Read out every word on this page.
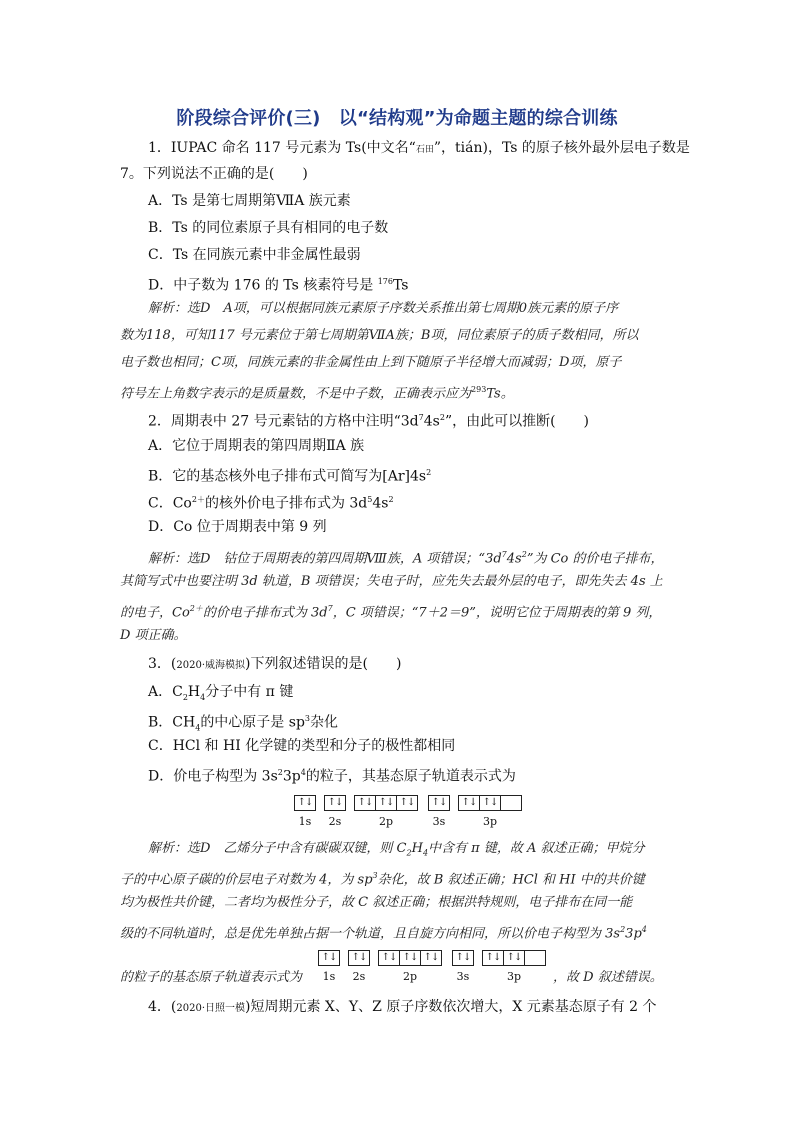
阶段综合评价(三)　以“结构观”为命题主题的综合训练
1．IUPAC 命名 117 号元素为 Ts(中文名“石田”，tián)，Ts 的原子核外最外层电子数是
7。下列说法不正确的是(　　)
A．Ts 是第七周期第ⅦA 族元素
B．Ts 的同位素原子具有相同的电子数
C．Ts 在同族元素中非金属性最弱
D．中子数为 176 的 Ts 核素符号是 $^{176}$Ts
解析：选D　A项，可以根据同族元素原子序数关系推出第七周期0族元素的原子序
数为118，可知117 号元素位于第七周期第ⅦA族；B项，同位素原子的质子数相同，所以
电子数也相同；C项，同族元素的非金属性由上到下随原子半径增大而减弱；D项，原子
符号左上角数字表示的是质量数，不是中子数，正确表示应为$^{293}$Ts。
2．周期表中 27 号元素钴的方格中注明“$3d^74s^2$”，由此可以推断(　　)
A．它位于周期表的第四周期ⅡA 族
B．它的基态核外电子排布式可简写为$[Ar]4s^2$
C．$Co^{2+}$的核外价电子排布式为 $3d^54s^2$
D．Co 位于周期表中第 9 列
解析：选D　钴位于周期表的第四周期Ⅷ族，A 项错误；“$3d^74s^2$”为 Co 的价电子排布，
其简写式中也要注明 3d 轨道，B 项错误；失电子时，应先失去最外层的电子，即先失去 4s 上
的电子，$Co^{2+}$的价电子排布式为 $3d^7$，C 项错误；“7＋2＝9”，说明它位于周期表的第 9 列，
D 项正确。
3．(2020·威海模拟)下列叙述错误的是(　　)
A．$C_2H_4$分子中有 π 键
B．$CH_4$的中心原子是 $sp^3$杂化
C．HCl 和 HI 化学键的类型和分子的极性都相同
D．价电子构型为 $3s^23p^4$的粒子，其基态原子轨道表示式为
↑↓	↑↓	↑↓ ↑↓ ↑↓	↑↓	↑↓ ↑↓
1s	2s	2p	3s	3p
解析：选D　乙烯分子中含有碳碳双键，则 $C_2H_4$中含有 π 键，故 A 叙述正确；甲烷分
子的中心原子碳的价层电子对数为 4，为 $sp^3$杂化，故 B 叙述正确；HCl 和 HI 中的共价键
均为极性共价键，二者均为极性分子，故 C 叙述正确；根据洪特规则，电子排布在同一能
级的不同轨道时，总是优先单独占据一个轨道，且自旋方向相同，所以价电子构型为 $3s^23p^4$
↑↓	↑↓	↑↓ ↑↓ ↑↓	↑↓	↑↓ ↑↓
1s	2s	2p	3s	3p
的粒子的基态原子轨道表示式为	，故 D 叙述错误。
4．(2020·日照一模)短周期元素 X、Y、Z 原子序数依次增大，X 元素基态原子有 2 个
